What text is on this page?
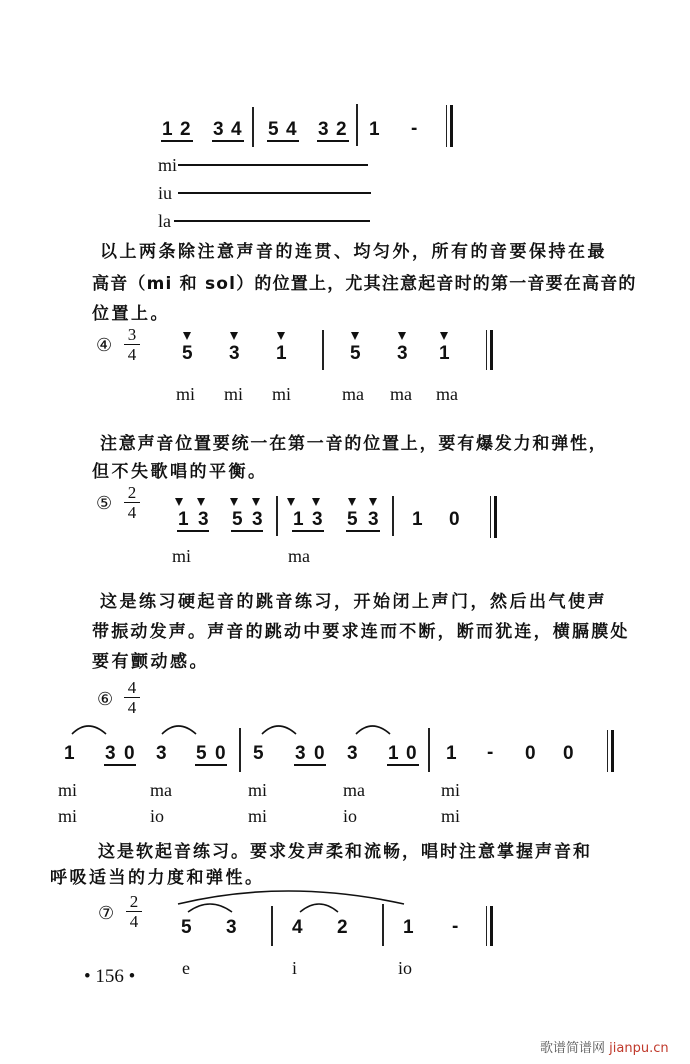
1 2 3 4 5 4 3 2 1 -
mi
iu
la
以上两条除注意声音的连贯、均匀外，所有的音要保持在最
高音（mi 和 sol）的位置上，尤其注意起音时的第一音要在高音的
位置上。
④
3
4 5 3 1	5 3 1
mi mi mi	ma ma ma
注意声音位置要统一在第一音的位置上，要有爆发力和弹性，
但不失歌唱的平衡。
⑤
2
4 1 3 5 3 1 3 5 3 1 0
mi	ma
这是练习硬起音的跳音练习，开始闭上声门，然后出气使声
带振动发声。声音的跳动中要求连而不断，断而犹连，横膈膜处
要有颤动感。
⑥
4
4
1 3 0 3 5 0 5 3 0 3 1 0 1 - 0 0
mi	ma	mi	ma	mi
mi	io	mi	io	mi
这是软起音练习。要求发声柔和流畅，唱时注意掌握声音和
呼吸适当的力度和弹性。
⑦
2
4 5 3	4 2	1 -
e	i	io
• 156 •
歌谱简谱网 jianpu.cn
